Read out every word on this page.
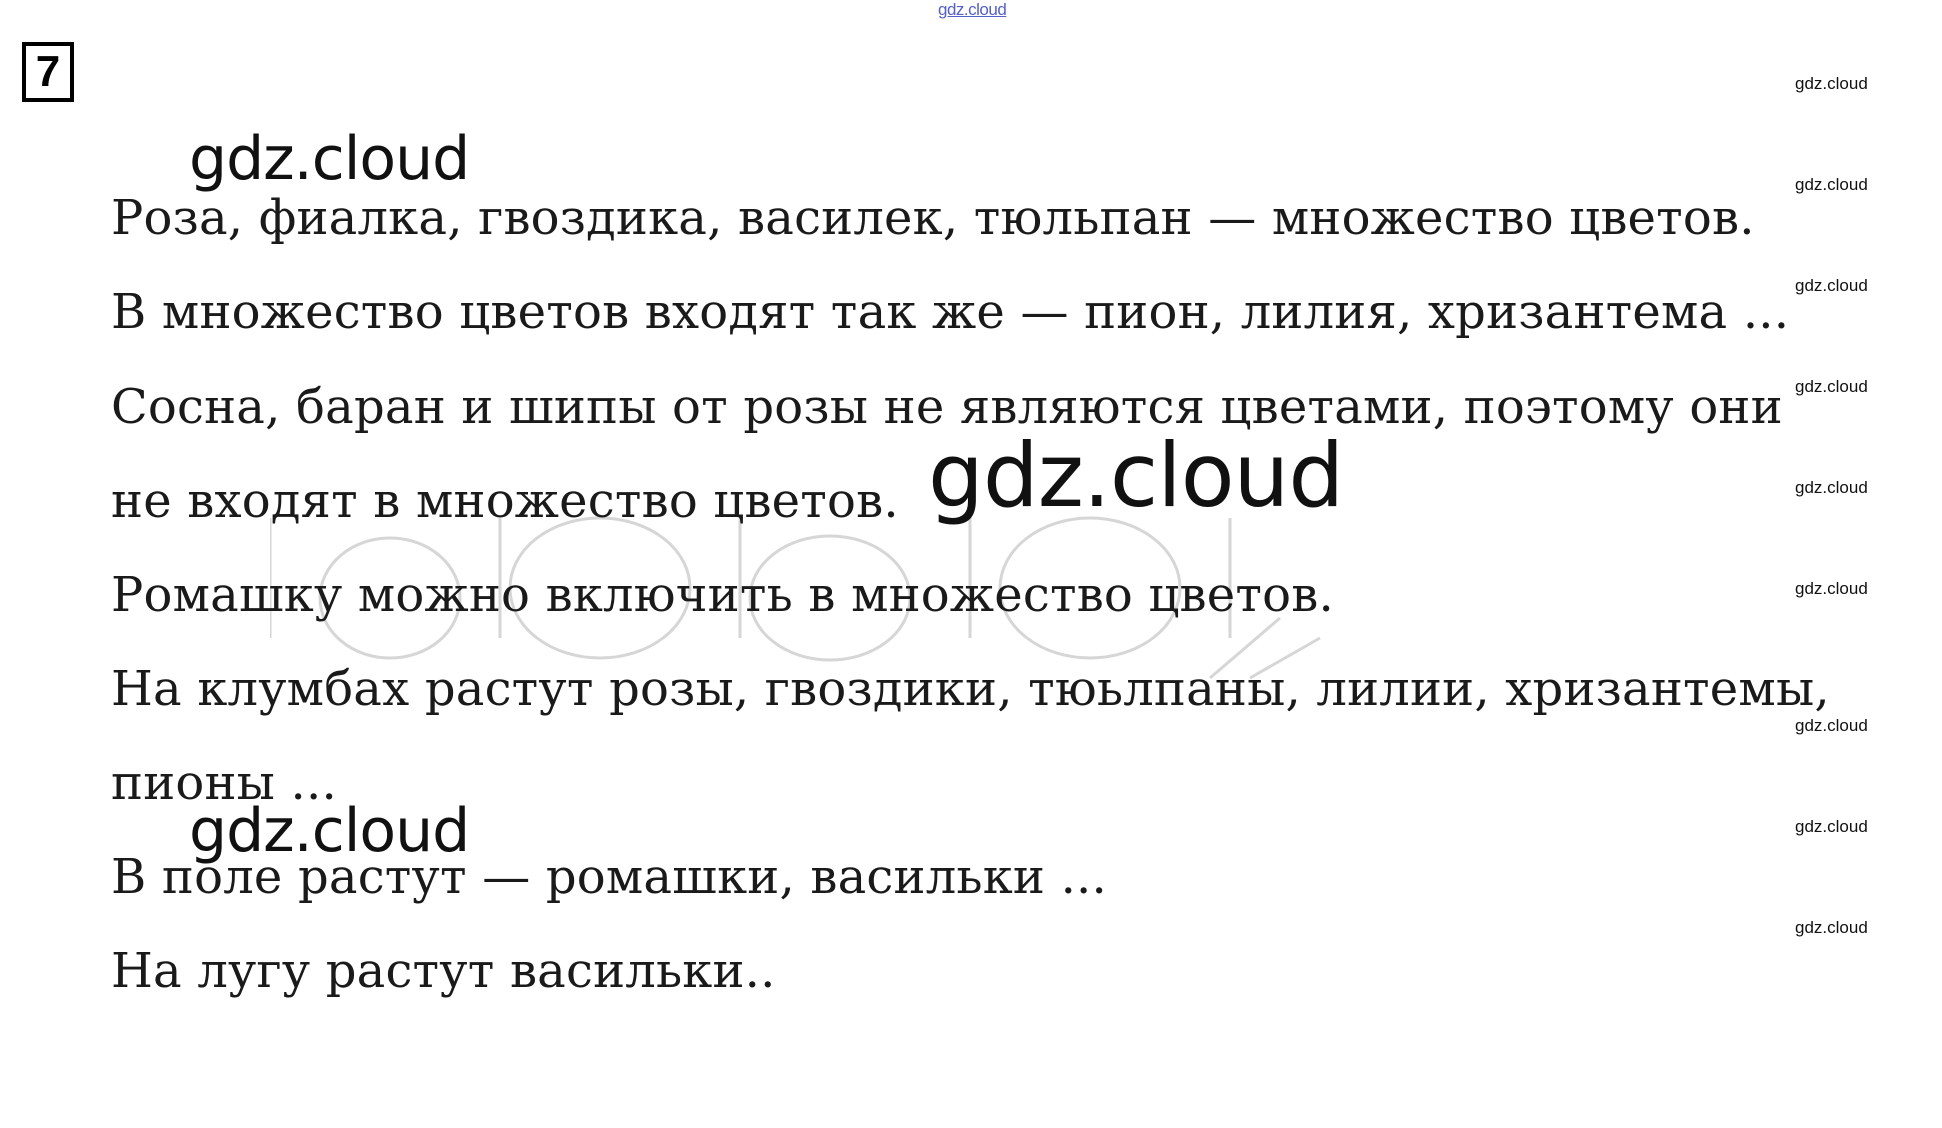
gdz.cloud
7	gdz.cloud
gdz.cloud
gdz.cloud
gdz.cloud
gdz.cloud
gdz.cloud
gdz.cloud
gdz.cloud
gdz.cloud
Роза, фиалка, гвоздика, василек, тюльпан — множество цветов.
В множество цветов входят так же — пион, лилия, хризантема ...
Сосна, баран и шипы от розы не являются цветами, поэтому они
не входят в множество цветов.
Ромашку можно включить в множество цветов.
На клумбах растут розы, гвоздики, тюьлпаны, лилии, хризантемы,
пионы ...
В поле растут — ромашки, васильки ...
На лугу растут васильки..
gdz.cloud
gdz.cloud
gdz.cloud
